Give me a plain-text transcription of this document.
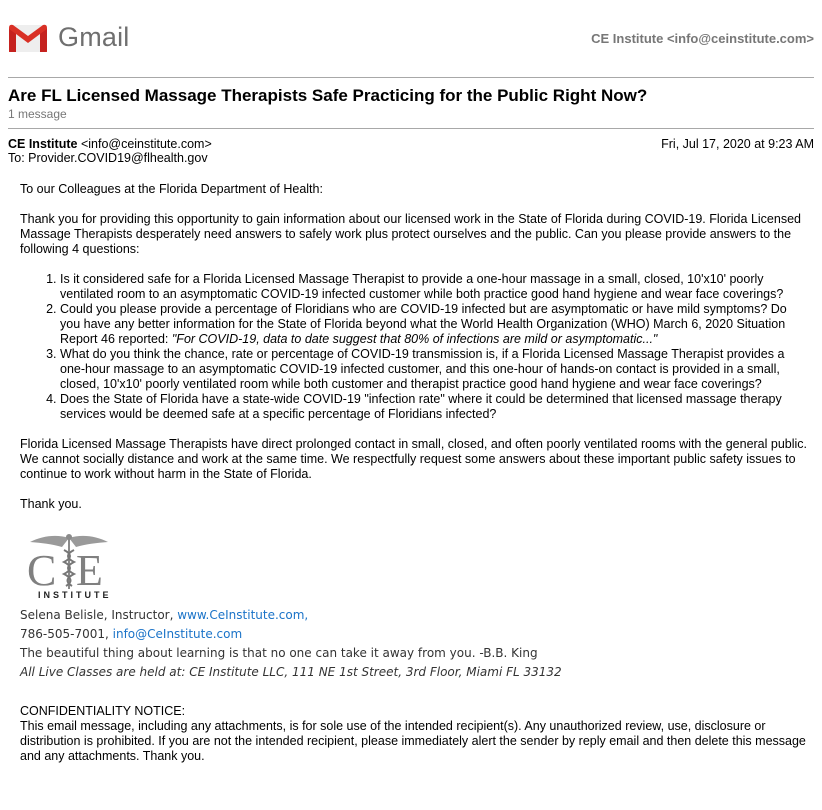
Gmail	CE Institute <info@ceinstitute.com>
Are FL Licensed Massage Therapists Safe Practicing for the Public Right Now?
1 message
CE Institute <info@ceinstitute.com>
To: Provider.COVID19@flhealth.gov
Fri, Jul 17, 2020 at 9:23 AM

To our Colleagues at the Florida Department of Health:

Thank you for providing this opportunity to gain information about our licensed work in the State of Florida during COVID-19. Florida Licensed Massage Therapists desperately need answers to safely work plus protect ourselves and the public. Can you please provide answers to the following 4 questions:

1. Is it considered safe for a Florida Licensed Massage Therapist to provide a one-hour massage in a small, closed, 10'x10' poorly ventilated room to an asymptomatic COVID-19 infected customer while both practice good hand hygiene and wear face coverings?
2. Could you please provide a percentage of Floridians who are COVID-19 infected but are asymptomatic or have mild symptoms? Do you have any better information for the State of Florida beyond what the World Health Organization (WHO) March 6, 2020 Situation Report 46 reported: "For COVID-19, data to date suggest that 80% of infections are mild or asymptomatic..."
3. What do you think the chance, rate or percentage of COVID-19 transmission is, if a Florida Licensed Massage Therapist provides a one-hour massage to an asymptomatic COVID-19 infected customer, and this one-hour of hands-on contact is provided in a small, closed, 10'x10' poorly ventilated room while both customer and therapist practice good hand hygiene and wear face coverings?
4. Does the State of Florida have a state-wide COVID-19 "infection rate" where it could be determined that licensed massage therapy services would be deemed safe at a specific percentage of Floridians infected?

Florida Licensed Massage Therapists have direct prolonged contact in small, closed, and often poorly ventilated rooms with the general public. We cannot socially distance and work at the same time. We respectfully request some answers about these important public safety issues to continue to work without harm in the State of Florida.

Thank you.

C E
INSTITUTE
Selena Belisle, Instructor, www.CeInstitute.com,
786-505-7001, info@CeInstitute.com
The beautiful thing about learning is that no one can take it away from you. -B.B. King
All Live Classes are held at: CE Institute LLC, 111 NE 1st Street, 3rd Floor, Miami FL 33132
CONFIDENTIALITY NOTICE:
This email message, including any attachments, is for sole use of the intended recipient(s). Any unauthorized review, use, disclosure or distribution is prohibited. If you are not the intended recipient, please immediately alert the sender by reply email and then delete this message and any attachments. Thank you.
